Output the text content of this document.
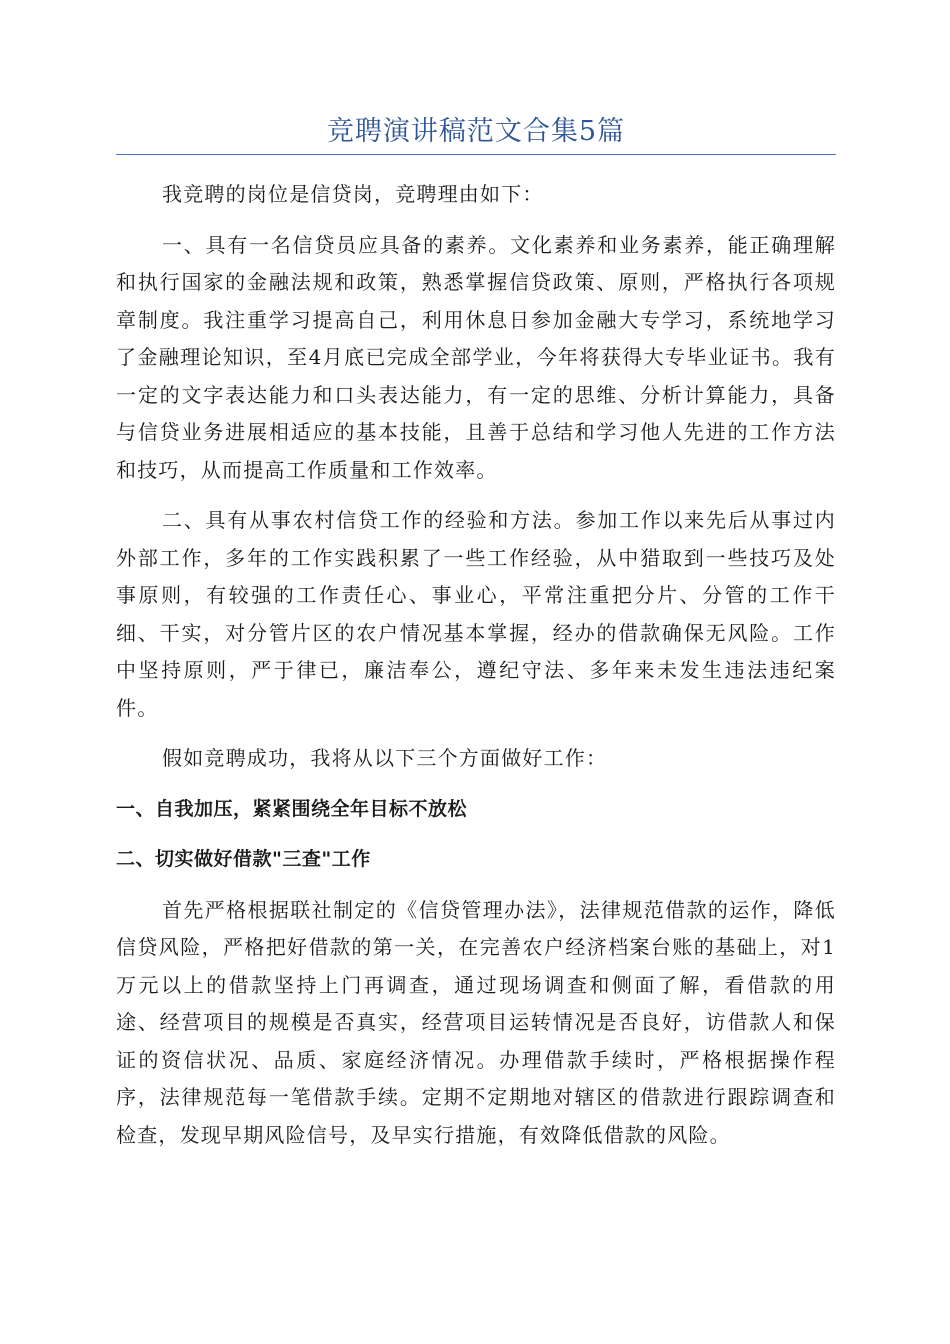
竞聘演讲稿范文合集5篇

我竞聘的岗位是信贷岗，竞聘理由如下：

一、具有一名信贷员应具备的素养。文化素养和业务素养，能正确理解和执行国家的金融法规和政策，熟悉掌握信贷政策、原则，严格执行各项规章制度。我注重学习提高自己，利用休息日参加金融大专学习，系统地学习了金融理论知识，至4月底已完成全部学业，今年将获得大专毕业证书。我有一定的文字表达能力和口头表达能力，有一定的思维、分析计算能力，具备与信贷业务进展相适应的基本技能，且善于总结和学习他人先进的工作方法和技巧，从而提高工作质量和工作效率。

二、具有从事农村信贷工作的经验和方法。参加工作以来先后从事过内外部工作，多年的工作实践积累了一些工作经验，从中猎取到一些技巧及处事原则，有较强的工作责任心、事业心，平常注重把分片、分管的工作干细、干实，对分管片区的农户情况基本掌握，经办的借款确保无风险。工作中坚持原则，严于律已，廉洁奉公，遵纪守法、多年来未发生违法违纪案件。

假如竞聘成功，我将从以下三个方面做好工作：

一、自我加压，紧紧围绕全年目标不放松
二、切实做好借款"三查"工作

首先严格根据联社制定的《信贷管理办法》，法律规范借款的运作，降低信贷风险，严格把好借款的第一关，在完善农户经济档案台账的基础上，对1万元以上的借款坚持上门再调查，通过现场调查和侧面了解，看借款的用途、经营项目的规模是否真实，经营项目运转情况是否良好，访借款人和保证的资信状况、品质、家庭经济情况。办理借款手续时，严格根据操作程序，法律规范每一笔借款手续。定期不定期地对辖区的借款进行跟踪调查和检查，发现早期风险信号，及早实行措施，有效降低借款的风险。
